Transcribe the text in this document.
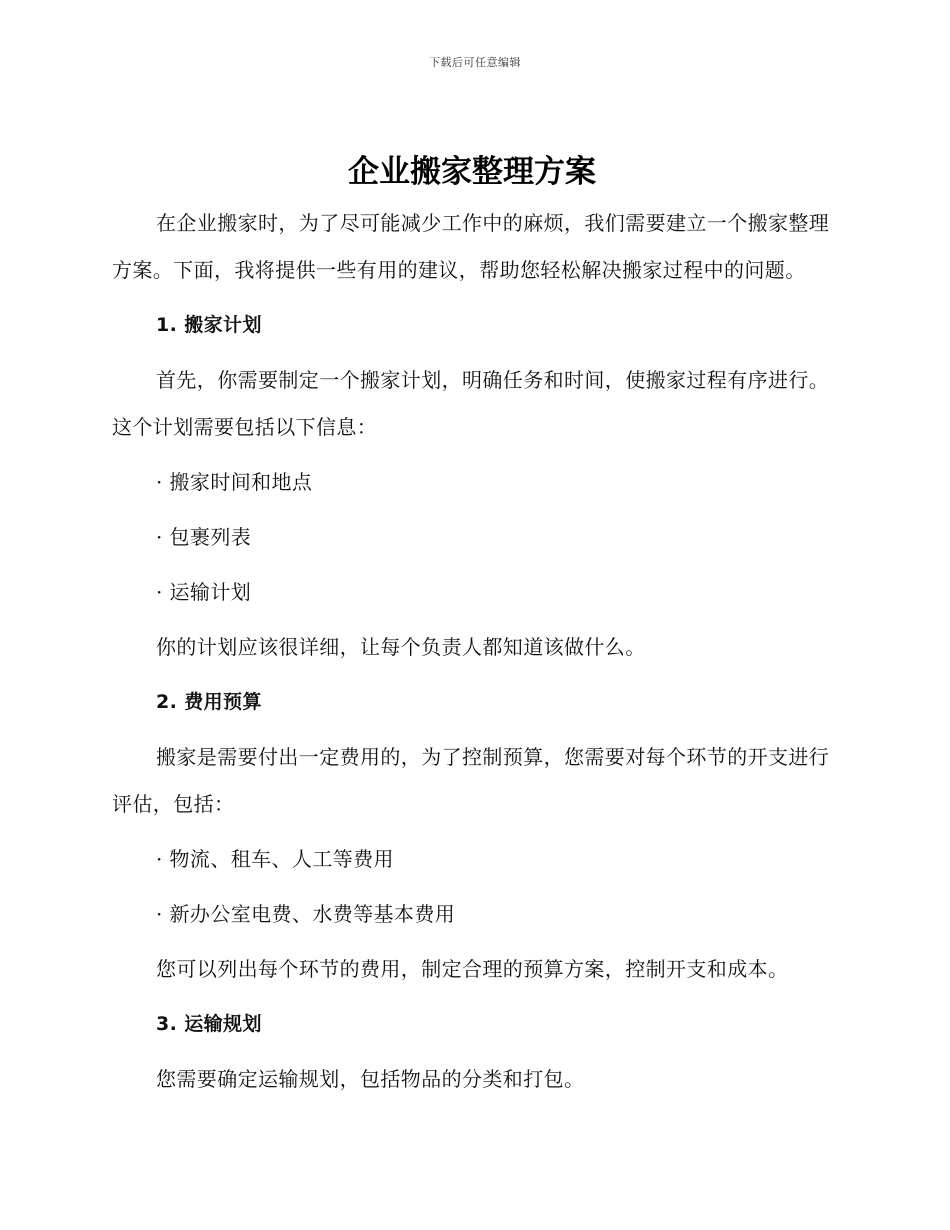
下载后可任意编辑
企业搬家整理方案

在企业搬家时，为了尽可能减少工作中的麻烦，我们需要建立一个搬家整理方案。下面，我将提供一些有用的建议，帮助您轻松解决搬家过程中的问题。

1. 搬家计划

首先，你需要制定一个搬家计划，明确任务和时间，使搬家过程有序进行。这个计划需要包括以下信息：

· 搬家时间和地点

· 包裹列表

· 运输计划

你的计划应该很详细，让每个负责人都知道该做什么。

2. 费用预算

搬家是需要付出一定费用的，为了控制预算，您需要对每个环节的开支进行评估，包括：

· 物流、租车、人工等费用

· 新办公室电费、水费等基本费用

您可以列出每个环节的费用，制定合理的预算方案，控制开支和成本。

3. 运输规划

您需要确定运输规划，包括物品的分类和打包。
